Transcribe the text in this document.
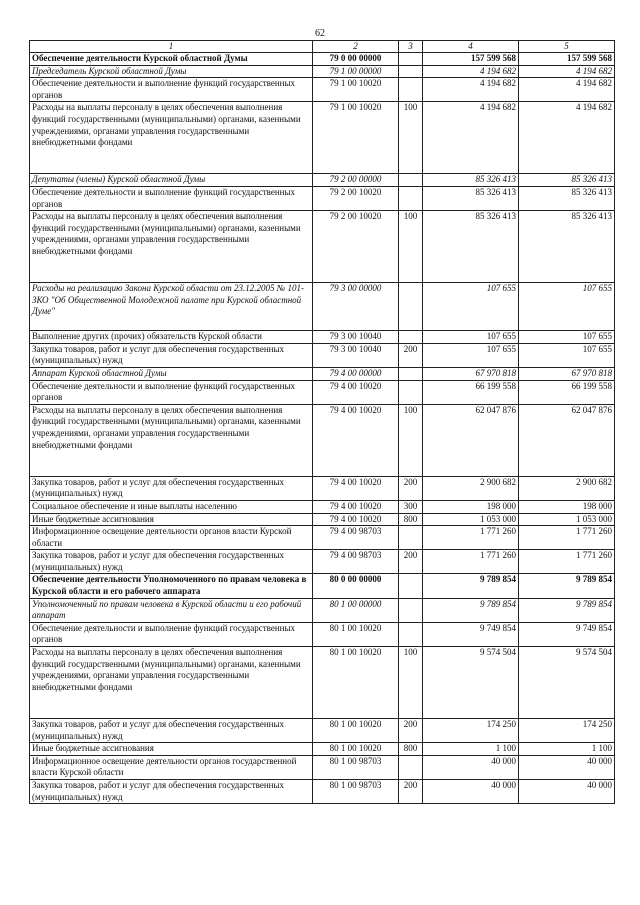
62
1	2	3	4	5
Обеспечение деятельности Курской областной Думы	79 0 00 00000		157 599 568	157 599 568
Председатель Курской областной Думы	79 1 00 00000		4 194 682	4 194 682
Обеспечение деятельности и выполнение функций государственных органов	79 1 00 10020		4 194 682	4 194 682
Расходы на выплаты персоналу в целях обеспечения выполнения функций государственными (муниципальными) органами, казенными учреждениями, органами управления государственными внебюджетными фондами	79 1 00 10020	100	4 194 682	4 194 682
Депутаты (члены) Курской областной Думы	79 2 00 00000		85 326 413	85 326 413
Обеспечение деятельности и выполнение функций государственных органов	79 2 00 10020		85 326 413	85 326 413
Расходы на выплаты персоналу в целях обеспечения выполнения функций государственными (муниципальными) органами, казенными учреждениями, органами управления государственными внебюджетными фондами	79 2 00 10020	100	85 326 413	85 326 413
Расходы на реализацию Закона Курской области от 23.12.2005 № 101-ЗКО "Об Общественной Молодежной палате при Курской областной Думе"	79 3 00 00000		107 655	107 655
Выполнение других (прочих) обязательств Курской области	79 3 00 10040		107 655	107 655
Закупка товаров, работ и услуг для обеспечения государственных (муниципальных) нужд	79 3 00 10040	200	107 655	107 655
Аппарат Курской областной Думы	79 4 00 00000		67 970 818	67 970 818
Обеспечение деятельности и выполнение функций государственных органов	79 4 00 10020		66 199 558	66 199 558
Расходы на выплаты персоналу в целях обеспечения выполнения функций государственными (муниципальными) органами, казенными учреждениями, органами управления государственными внебюджетными фондами	79 4 00 10020	100	62 047 876	62 047 876
Закупка товаров, работ и услуг для обеспечения государственных (муниципальных) нужд	79 4 00 10020	200	2 900 682	2 900 682
Социальное обеспечение и иные выплаты населению	79 4 00 10020	300	198 000	198 000
Иные бюджетные ассигнования	79 4 00 10020	800	1 053 000	1 053 000
Информационное освещение деятельности органов власти Курской области	79 4 00 98703		1 771 260	1 771 260
Закупка товаров, работ и услуг для обеспечения государственных (муниципальных) нужд	79 4 00 98703	200	1 771 260	1 771 260
Обеспечение деятельности Уполномоченного по правам человека в Курской области и его рабочего аппарата	80 0 00 00000		9 789 854	9 789 854
Уполномоченный по правам человека в Курской области и его рабочий аппарат	80 1 00 00000		9 789 854	9 789 854
Обеспечение деятельности и выполнение функций государственных органов	80 1 00 10020		9 749 854	9 749 854
Расходы на выплаты персоналу в целях обеспечения выполнения функций государственными (муниципальными) органами, казенными учреждениями, органами управления государственными внебюджетными фондами	80 1 00 10020	100	9 574 504	9 574 504
Закупка товаров, работ и услуг для обеспечения государственных (муниципальных) нужд	80 1 00 10020	200	174 250	174 250
Иные бюджетные ассигнования	80 1 00 10020	800	1 100	1 100
Информационное освещение деятельности органов государственной власти Курской области	80 1 00 98703		40 000	40 000
Закупка товаров, работ и услуг для обеспечения государственных (муниципальных) нужд	80 1 00 98703	200	40 000	40 000
